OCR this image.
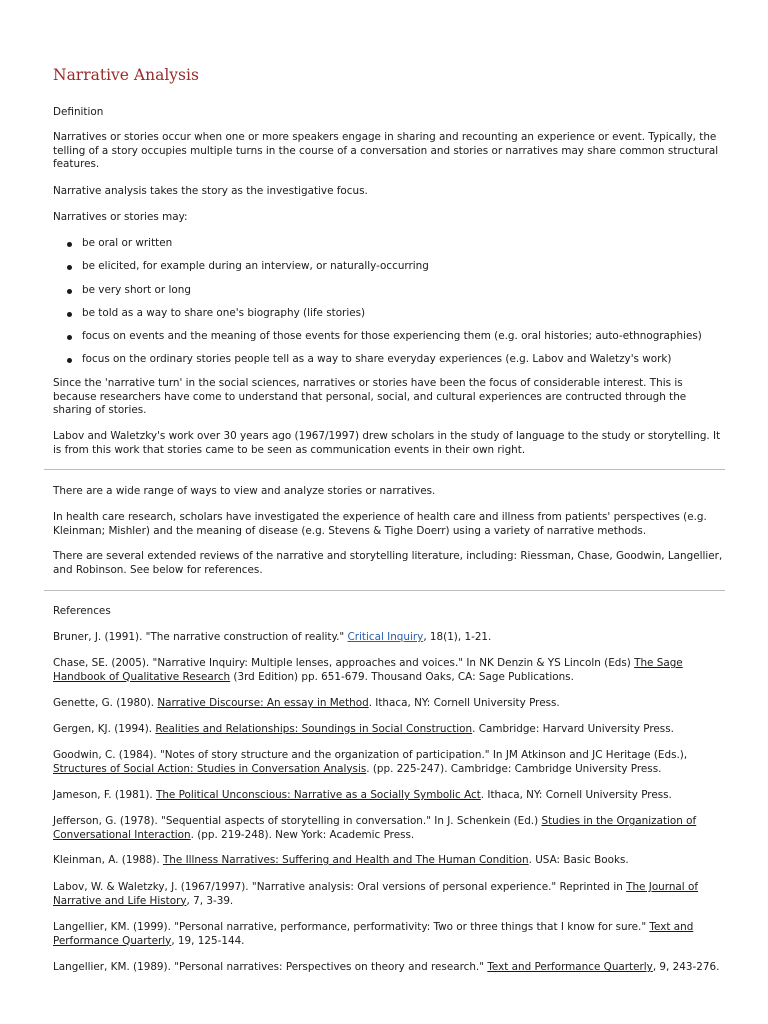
Narrative Analysis
Definition
Narratives or stories occur when one or more speakers engage in sharing and recounting an experience or event. Typically, the telling of a story occupies multiple turns in the course of a conversation and stories or narratives may share common structural features.
Narrative analysis takes the story as the investigative focus.
Narratives or stories may:
be oral or written
be elicited, for example during an interview, or naturally-occurring
be very short or long
be told as a way to share one's biography (life stories)
focus on events and the meaning of those events for those experiencing them (e.g. oral histories; auto-ethnographies)
focus on the ordinary stories people tell as a way to share everyday experiences (e.g. Labov and Waletzy's work)
Since the 'narrative turn' in the social sciences, narratives or stories have been the focus of considerable interest. This is because researchers have come to understand that personal, social, and cultural experiences are contructed through the sharing of stories.
Labov and Waletzky's work over 30 years ago (1967/1997) drew scholars in the study of language to the study or storytelling. It is from this work that stories came to be seen as communication events in their own right.
There are a wide range of ways to view and analyze stories or narratives.
In health care research, scholars have investigated the experience of health care and illness from patients' perspectives (e.g. Kleinman; Mishler) and the meaning of disease (e.g. Stevens & Tighe Doerr) using a variety of narrative methods.
There are several extended reviews of the narrative and storytelling literature, including: Riessman, Chase, Goodwin, Langellier, and Robinson. See below for references.
References
Bruner, J. (1991). "The narrative construction of reality." Critical Inquiry, 18(1), 1-21.
Chase, SE. (2005). "Narrative Inquiry: Multiple lenses, approaches and voices." In NK Denzin & YS Lincoln (Eds) The Sage Handbook of Qualitative Research (3rd Edition) pp. 651-679. Thousand Oaks, CA: Sage Publications.
Genette, G. (1980). Narrative Discourse: An essay in Method. Ithaca, NY: Cornell University Press.
Gergen, KJ. (1994). Realities and Relationships: Soundings in Social Construction. Cambridge: Harvard University Press.
Goodwin, C. (1984). "Notes of story structure and the organization of participation." In JM Atkinson and JC Heritage (Eds.), Structures of Social Action: Studies in Conversation Analysis. (pp. 225-247). Cambridge: Cambridge University Press.
Jameson, F. (1981). The Political Unconscious: Narrative as a Socially Symbolic Act. Ithaca, NY: Cornell University Press.
Jefferson, G. (1978). "Sequential aspects of storytelling in conversation." In J. Schenkein (Ed.) Studies in the Organization of Conversational Interaction. (pp. 219-248). New York: Academic Press.
Kleinman, A. (1988). The Illness Narratives: Suffering and Health and The Human Condition. USA: Basic Books.
Labov, W. & Waletzky, J. (1967/1997). "Narrative analysis: Oral versions of personal experience." Reprinted in The Journal of Narrative and Life History, 7, 3-39.
Langellier, KM. (1999). "Personal narrative, performance, performativity: Two or three things that I know for sure." Text and Performance Quarterly, 19, 125-144.
Langellier, KM. (1989). "Personal narratives: Perspectives on theory and research." Text and Performance Quarterly, 9, 243-276.
